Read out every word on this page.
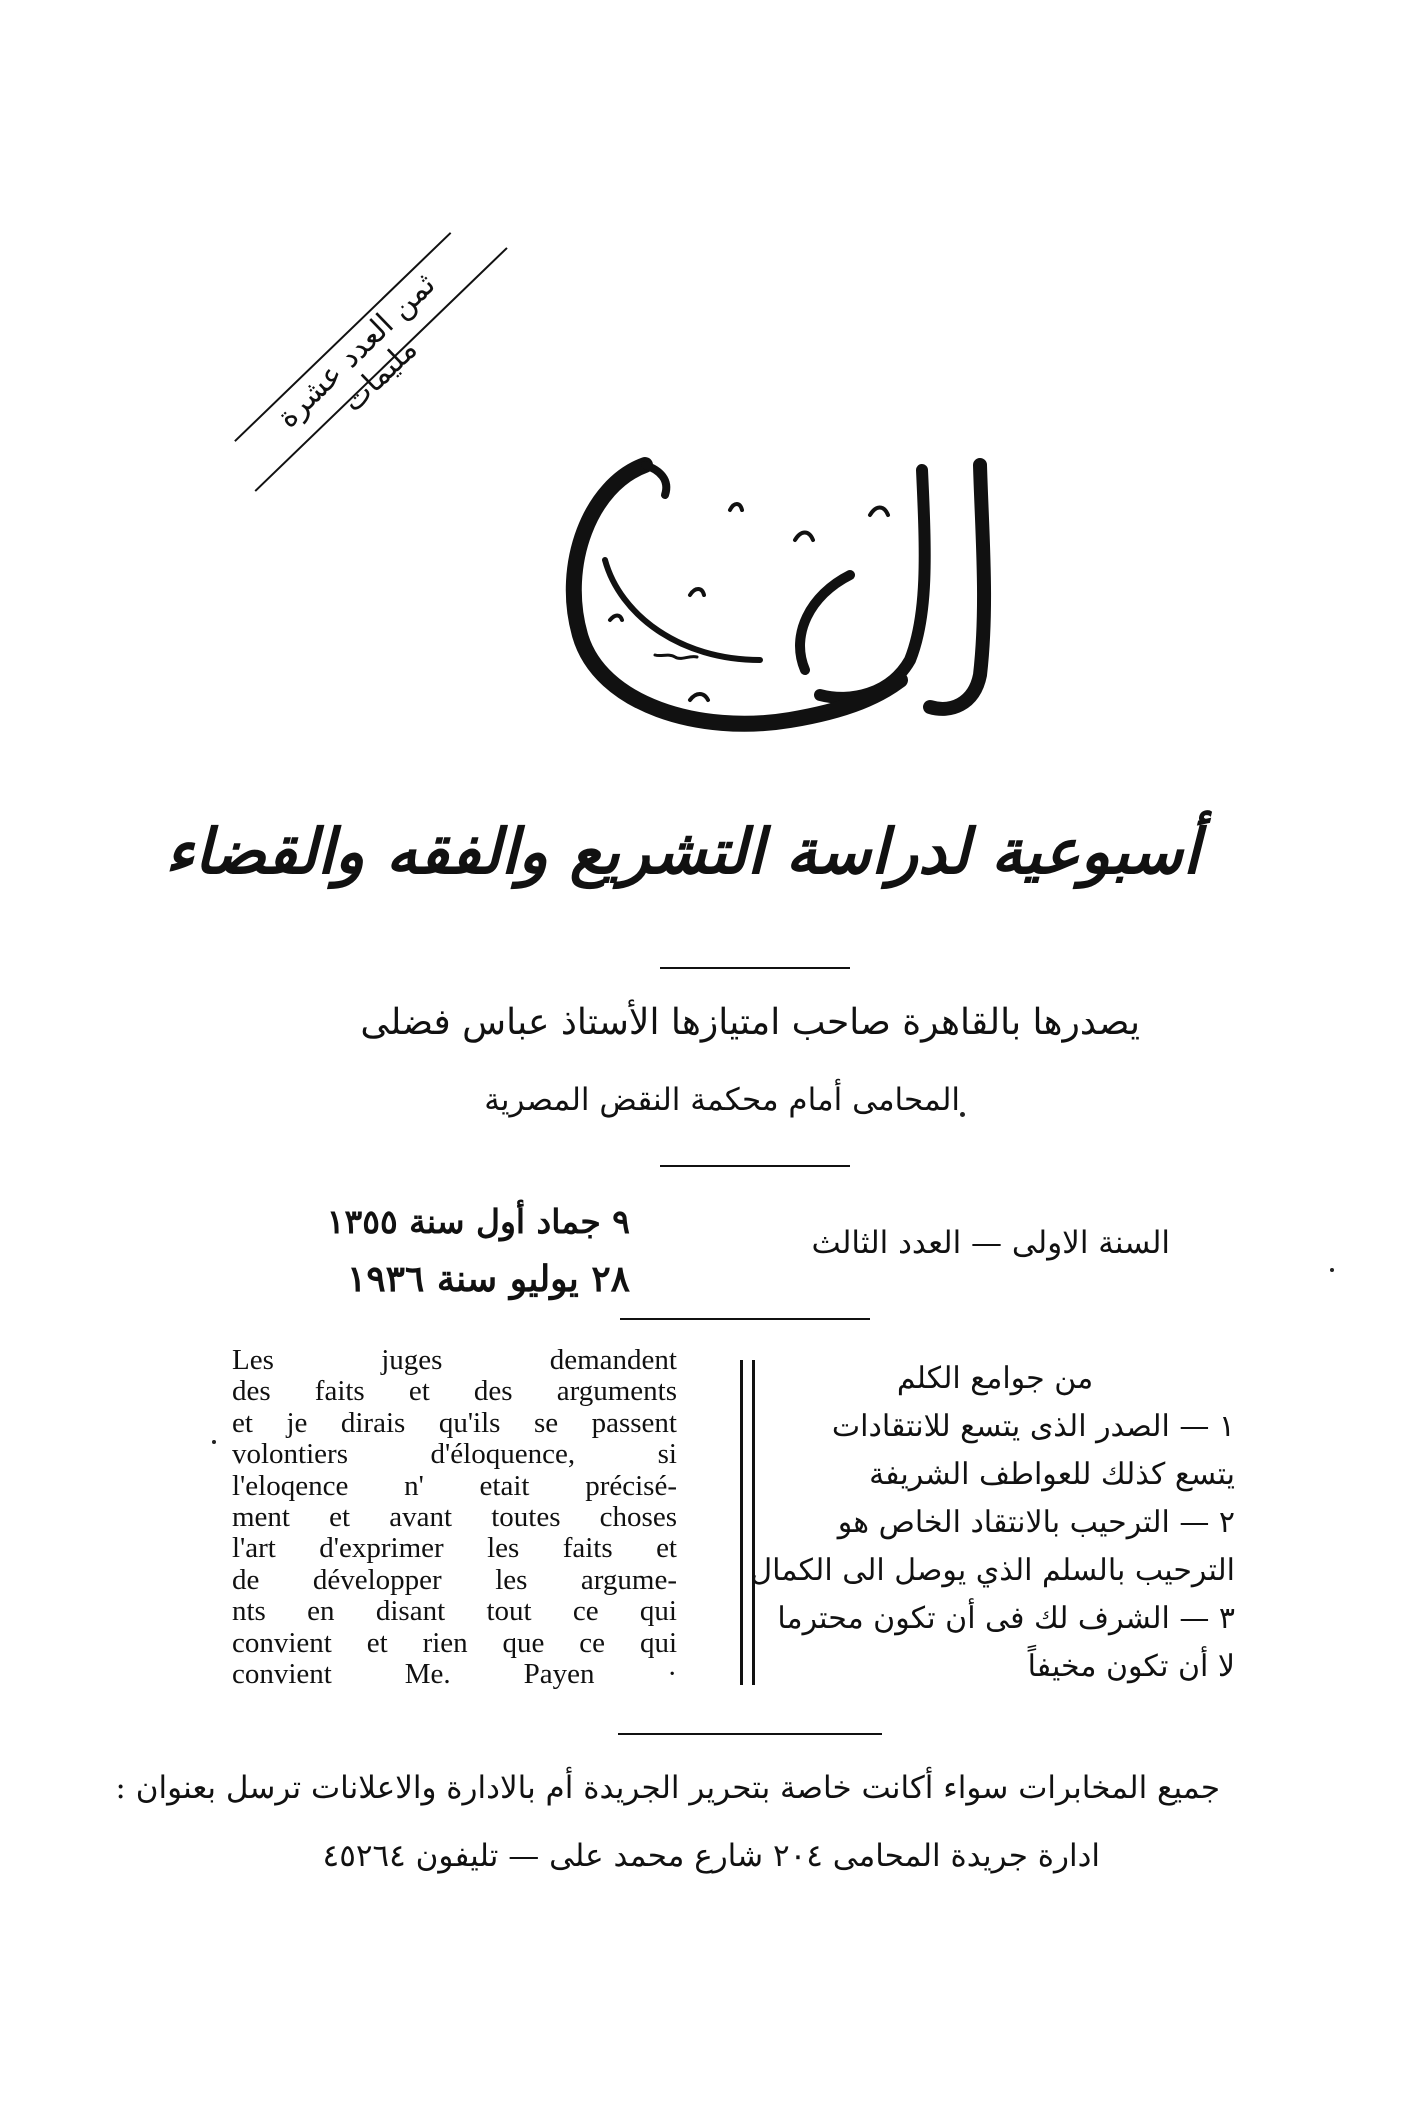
ثمن العدد عشرة مليمات
أسبوعية لدراسة التشريع والفقه والقضاء
يصدرها بالقاهرة صاحب امتيازها الأستاذ عباس فضلى
المحامى أمام محكمة النقض المصرية
٩ جماد أول سنة ١٣٥٥
٢٨ يوليو سنة ١٩٣٦
السنة الاولى — العدد الثالث
Les juges demandent
des faits et des arguments
et je dirais qu'ils se passent
volontiers d'éloquence, si
l'eloqence n' etait précisé-
ment et avant toutes choses
l'art d'exprimer les faits et
de développer les argume-
nts en disant tout ce qui
convient et rien que ce qui
convient Me. Payen ·
من جوامع الكلم
١ — الصدر الذى يتسع للانتقادات
يتسع كذلك للعواطف الشريفة
٢ — الترحيب بالانتقاد الخاص هو
الترحيب بالسلم الذي يوصل الى الكمال
٣ — الشرف لك فى أن تكون محترما
لا أن تكون مخيفاً
جميع المخابرات سواء أكانت خاصة بتحرير الجريدة أم بالادارة والاعلانات ترسل بعنوان :
ادارة جريدة المحامى ٢٠٤ شارع محمد على — تليفون ٤٥٢٦٤
